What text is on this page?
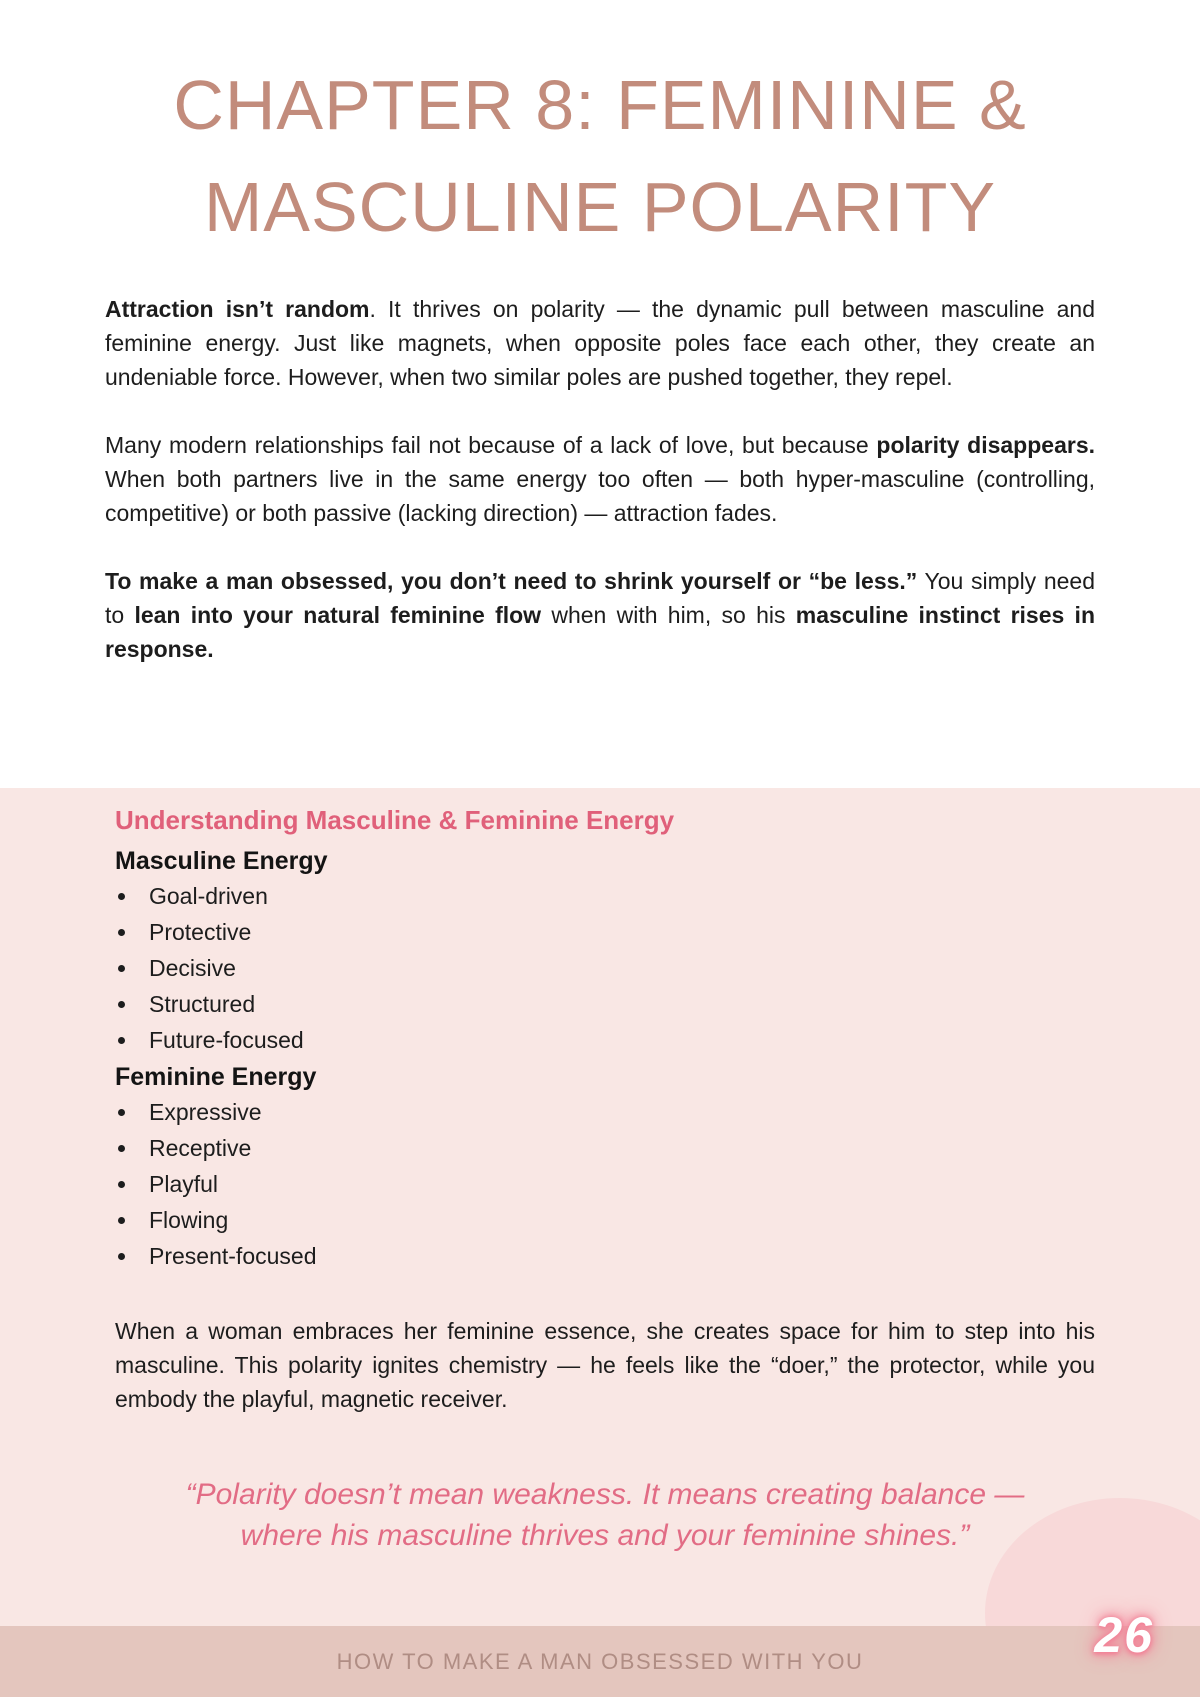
CHAPTER 8: FEMININE &
MASCULINE POLARITY

Attraction isn’t random. It thrives on polarity — the dynamic pull between masculine and feminine energy. Just like magnets, when opposite poles face each other, they create an undeniable force. However, when two similar poles are pushed together, they repel.

Many modern relationships fail not because of a lack of love, but because polarity disappears. When both partners live in the same energy too often — both hyper-masculine (controlling, competitive) or both passive (lacking direction) — attraction fades.

To make a man obsessed, you don’t need to shrink yourself or “be less.” You simply need to lean into your natural feminine flow when with him, so his masculine instinct rises in response.

Understanding Masculine & Feminine Energy
Masculine Energy
• Goal-driven
• Protective
• Decisive
• Structured
• Future-focused
Feminine Energy
• Expressive
• Receptive
• Playful
• Flowing
• Present-focused

When a woman embraces her feminine essence, she creates space for him to step into his masculine. This polarity ignites chemistry — he feels like the “doer,” the protector, while you embody the playful, magnetic receiver.

“Polarity doesn’t mean weakness. It means creating balance — where his masculine thrives and your feminine shines.”
HOW TO MAKE A MAN OBSESSED WITH YOU	26
